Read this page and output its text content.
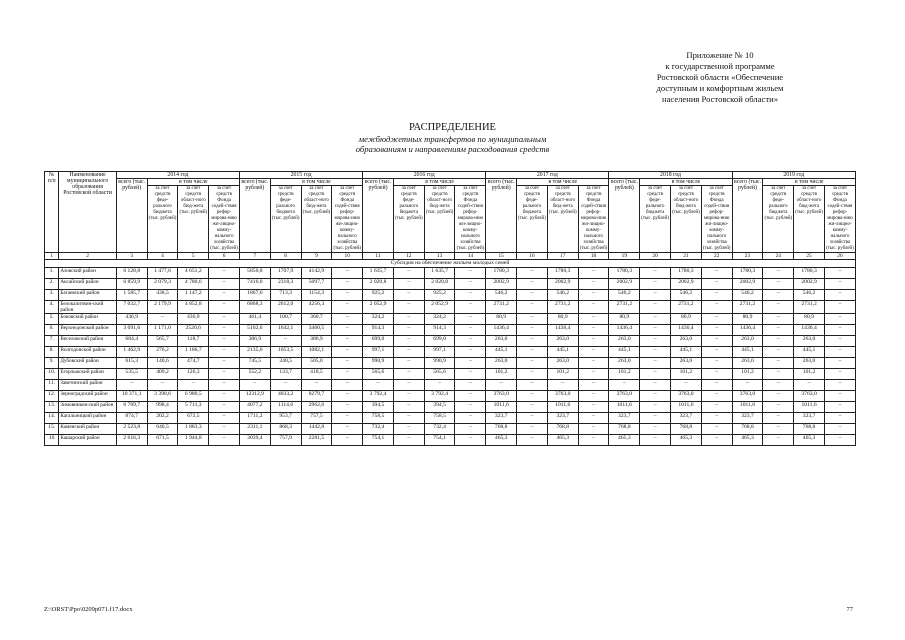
Приложение № 10
к государственной программе
Ростовской области «Обеспечение
доступным и комфортным жильем
населения Ростовской области»
РАСПРЕДЕЛЕНИЕ
межбюджетных трансфертов по муниципальным
образованиям и направлениям расходования средств
№ п/п	Наименование муниципального образования Ростовской области	2014 год				2015 год				2016 год				2017 год				2018 год				2019 год			
		всего (тыс. рублей)	в том числе			всего (тыс. рублей)	в том числе			всего (тыс. рублей)	в том числе			всего (тыс. рублей)	в том числе			всего (тыс. рублей)	в том числе			всего (тыс. рублей)	в том числе		
			за счет средств феде-рального бюджета (тыс. рублей)	за счет средств област-ного бюд-жета (тыс. рублей)	за счет средств Фонда содей-ствия рефор-мирова-нию жи-лищно-комму-нального хозяйства (тыс. рублей)		за счет средств феде-рального бюджета (тыс. рублей)	за счет средств област-ного бюд-жета (тыс. рублей)	за счет средств Фонда содей-ствия рефор-мирова-нию жи-лищно-комму-нального хозяйства (тыс. рублей)		за счет средств феде-рального бюджета (тыс. рублей)	за счет средств област-ного бюд-жета (тыс. рублей)	за счет средств Фонда содей-ствия рефор-мирова-нию жи-лищно-комму-нального хозяйства (тыс. рублей)		за счет средств феде-рального бюджета (тыс. рублей)	за счет средств област-ного бюд-жета (тыс. рублей)	за счет средств Фонда содей-ствия рефор-мирова-нию жи-лищно-комму-нального хозяйства (тыс. рублей)		за счет средств феде-рального бюджета (тыс. рублей)	за счет средств област-ного бюд-жета (тыс. рублей)	за счет средств Фонда содей-ствия рефор-мирова-нию жи-лищно-комму-нального хозяйства (тыс. рублей)		за счет средств феде-рального бюджета (тыс. рублей)	за счет средств област-ного бюд-жета (тыс. рублей)	за счет средств Фонда содей-ствия рефор-мирова-нию жи-лищно-комму-нального хозяйства (тыс. рублей)
1	2	3	4	5	6	7	8	9	10	11	12	13	14	15	16	17	18	19	20	21	22	23	24	25	26
Субсидия на обеспечение жильем молодых семей																									
1.	Азовский район	6 128,8	1 477,6	4 651,2	–	5850,8	1707,9	4142,9	–	1 635,7	–	1 635,7	–	1780,3	–	1780,3	–	1780,3	–	1780,3	–	1780,3	–	1780,3	–
2.	Аксайский район	6 859,9	2 079,3	4 780,6	–	7416,0	2318,3	5097,7	–	2 020,8	–	2 020,8	–	2002,9	–	2002,9	–	2002,9	–	2002,9	–	2002,9	–	2002,9	–
3.	Багаевский район	1 585,7	438,5	1 147,2	–	1867,6	713,3	1154,3	–	925,2	–	925,2	–	546,2	–	546,2	–	546,2	–	546,2	–	546,2	–	546,2	–
4.	Белокалитвин-ский район	7 032,7	2 179,9	4 852,8	–	6868,3	2612,0	4256,3	–	2 052,9	–	2 052,9	–	2731,2	–	2731,2	–	2731,2	–	2731,2	–	2731,2	–	2731,2	–
5.	Боковский район	436,9	–	436,9	–	461,4	100,7	360,7	–	324,2	–	324,2	–	80,9	–	80,9	–	80,9	–	80,9	–	80,9	–	80,9	–
6.	Верхнедонской район	3 691,6	1 171,0	2520,6	–	5102,6	1642,1	3460,5	–	914,3	–	914,3	–	1436,4	–	1436,4	–	1436,4	–	1436,4	–	1436,4	–	1436,4	–
7.	Веселовский район	684,4	565,7	118,7	–	386,9	–	386,9	–	699,0	–	699,0	–	263,0	–	263,0	–	263,0	–	263,0	–	263,0	–	263,0	–
8.	Волгодонской район	1 462,9	276,2	1 186,7	–	2135,6	1053,5	1082,1	–	997,1	–	997,1	–	445,1	–	445,1	–	445,1	–	445,1	–	445,1	–	445,1	–
9.	Дубовский район	615,3	140,6	474,7	–	745,5	240,5	505,0	–	990,9	–	990,9	–	263,0	–	263,0	–	263,0	–	263,0	–	263,0	–	263,0	–
10.	Егорлыкский район	535,5	409,2	126,3	–	552,2	133,7	418,5	–	565,6	–	565,6	–	101,2	–	101,2	–	101,2	–	101,2	–	101,2	–	101,2	–
11.	Заветинский район	–	–	–	–	–	–	–	–	–	–	–	–	–	–	–	–	–	–	–	–	–	–	–	–
12.	Зерноградский район	10 371,1	3 390,6	6 980,5	–	12312,9	4033,2	8279,7	–	3 792,4	–	3 792,4	–	3763,0	–	3763,0	–	3763,0	–	3763,0	–	3763,0	–	3763,0	–
13.	Зимовников-ский район	6 709,7	998,4	5 711,3	–	4077,2	1114,6	2962,6	–	394,5	–	394,5	–	1011,6	–	1011,6	–	1011,6	–	1011,6	–	1011,6	–	1011,6	–
14.	Кагальницкий район	874,7	202,2	672,5	–	1711,2	953,7	757,5	–	758,5	–	758,5	–	323,7	–	323,7	–	323,7	–	323,7	–	323,7	–	323,7	–
15.	Каменский район	2 523,8	640,5	1 883,3	–	2311,1	868,3	1442,8	–	732,4	–	732,4	–	768,8	–	768,8	–	768,8	–	768,8	–	768,8	–	768,8	–
16	Кашарский район	2 616,3	671,5	1 944,8	–	3039,4	757,9	2281,5	–	754,1	–	754,1	–	465,3	–	465,3	–	465,3	–	465,3	–	465,3	–	465,3	–
Z:\ORST\Ppo\0209p071.f17.docx	77
